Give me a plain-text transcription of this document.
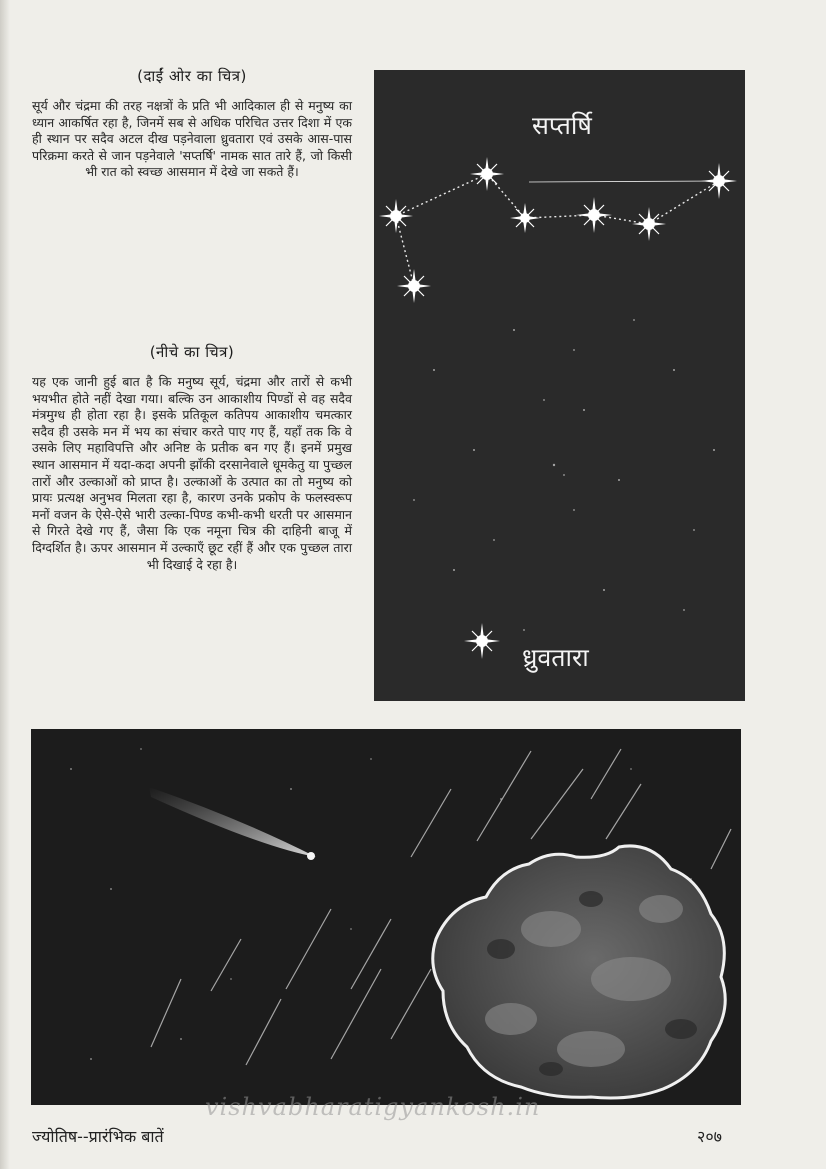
(दाईं ओर का चित्र)
सूर्य और चंद्रमा की तरह नक्षत्रों के प्रति भी आदिकाल ही से मनुष्य का ध्यान आकर्षित रहा है, जिनमें सब से अधिक परिचित उत्तर दिशा में एक ही स्थान पर सदैव अटल दीख पड़नेवाला ध्रुवतारा एवं उसके आस-पास परिक्रमा करते से जान पड़नेवाले 'सप्तर्षि' नामक सात तारे हैं, जो किसी भी रात को स्वच्छ आसमान में देखे जा सकते हैं।
(नीचे का चित्र)
यह एक जानी हुई बात है कि मनुष्य सूर्य, चंद्रमा और तारों से कभी भयभीत होते नहीं देखा गया। बल्कि उन आकाशीय पिण्डों से वह सदैव मंत्रमुग्ध ही होता रहा है। इसके प्रतिकूल कतिपय आकाशीय चमत्कार सदैव ही उसके मन में भय का संचार करते पाए गए हैं, यहाँ तक कि वे उसके लिए महाविपत्ति और अनिष्ट के प्रतीक बन गए हैं। इनमें प्रमुख स्थान आसमान में यदा-कदा अपनी झाँकी दरसानेवाले धूमकेतु या पुच्छल तारों और उल्काओं को प्राप्त है। उल्काओं के उत्पात का तो मनुष्य को प्रायः प्रत्यक्ष अनुभव मिलता रहा है, कारण उनके प्रकोप के फलस्वरूप मनों वजन के ऐसे-ऐसे भारी उल्का-पिण्ड कभी-कभी धरती पर आसमान से गिरते देखे गए हैं, जैसा कि एक नमूना चित्र की दाहिनी बाजू में दिग्दर्शित है। ऊपर आसमान में उल्काएँ छूट रहीं हैं और एक पुच्छल तारा भी दिखाई दे रहा है।
सप्तर्षि
ध्रुवतारा
vishvabharatigyankosh.in
ज्योतिष--प्रारंभिक बातें	२०७
